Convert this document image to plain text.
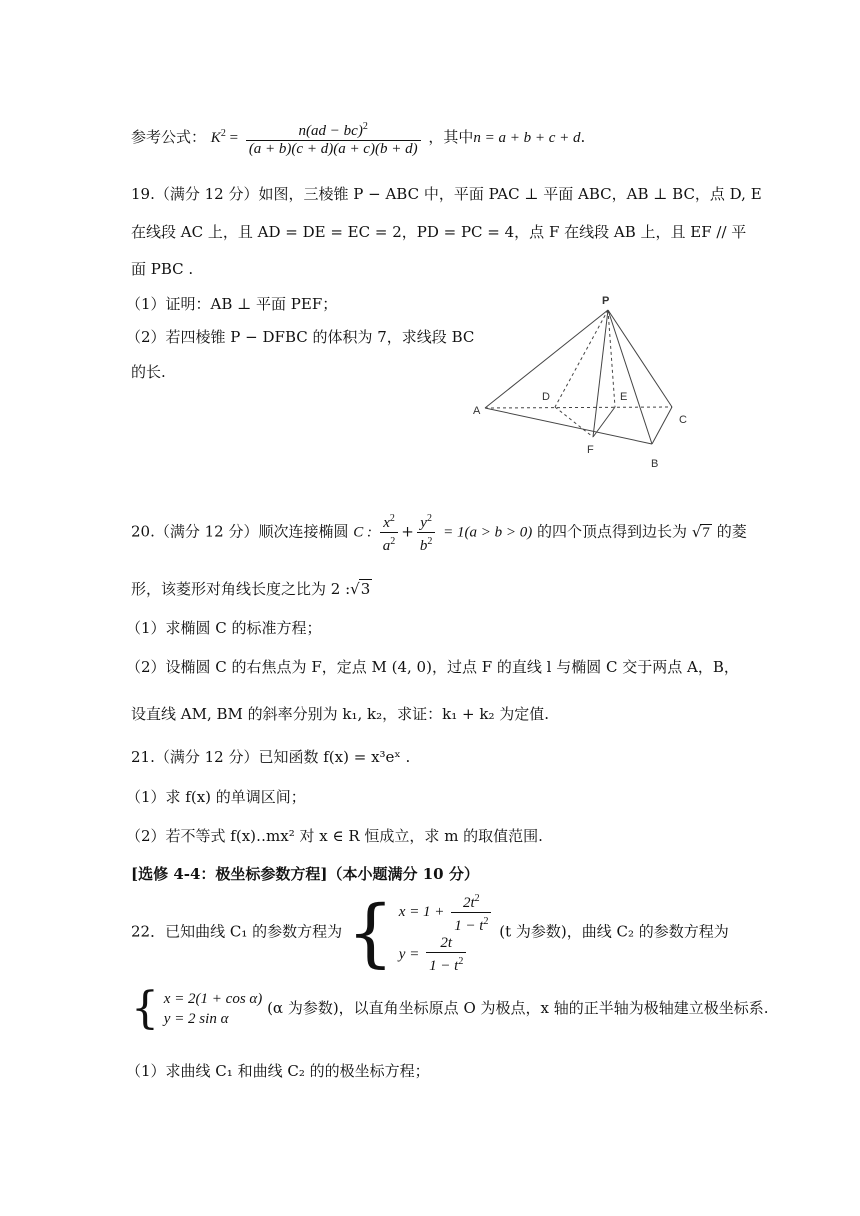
参考公式： $K^2 = \frac{n(ad - bc)^2}{(a + b)(c + d)(a + c)(b + d)}$ ，其中n = a + b + c + d.
19.（满分 12 分）如图，三棱锥 P − ABC 中，平面 PAC ⊥ 平面 ABC，AB ⊥ BC，点 D, E
在线段 AC 上，且 AD = DE = EC = 2，PD = PC = 4，点 F 在线段 AB 上，且 EF // 平
面 PBC .
（1）证明：AB ⊥ 平面 PEF；
（2）若四棱锥 P − DFBC 的体积为 7，求线段 BC
的长.
P
D	E
A
C
F
B
20.（满分 12 分）顺次连接椭圆 C : $\frac{x^2}{a^2} + \frac{y^2}{b^2} = 1(a > b > 0)$ 的四个顶点得到边长为 √7 的菱
形，该菱形对角线长度之比为 2 :√3
（1）求椭圆 C 的标准方程；
（2）设椭圆 C 的右焦点为 F，定点 M (4, 0)，过点 F 的直线 l 与椭圆 C 交于两点 A，B，
设直线 AM, BM 的斜率分别为 k₁, k₂，求证：k₁ + k₂ 为定值.
21.（满分 12 分）已知函数 f(x) = x³eˣ .
（1）求 f(x) 的单调区间；
（2）若不等式 f(x)‥mx² 对 x ∈ R 恒成立，求 m 的取值范围.
[选修 4-4：极坐标参数方程]（本小题满分 10 分）
22．已知曲线 C₁ 的参数方程为 { $x = 1 + \frac{2t^2}{1 - t^2}$
$y = \frac{2t}{1 - t^2}$
(t 为参数)，曲线 C₂ 的参数方程为
{ x = 2(1 + cos α)
y = 2 sin α
(α 为参数)，以直角坐标原点 O 为极点，x 轴的正半轴为极轴建立极坐标系.
（1）求曲线 C₁ 和曲线 C₂ 的的极坐标方程；
